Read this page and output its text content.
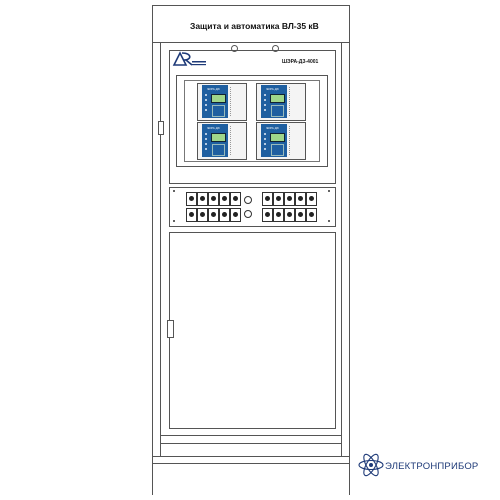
Защита и автоматика ВЛ-35 кВ
ШЭРА-ДЗ-4001
ЭКРА·ДЗ	ЭКРА·ДЗ
ЭКРА·ДЗ	ЭКРА·ДЗ
ЭЛЕКТРОНПРИБОР
